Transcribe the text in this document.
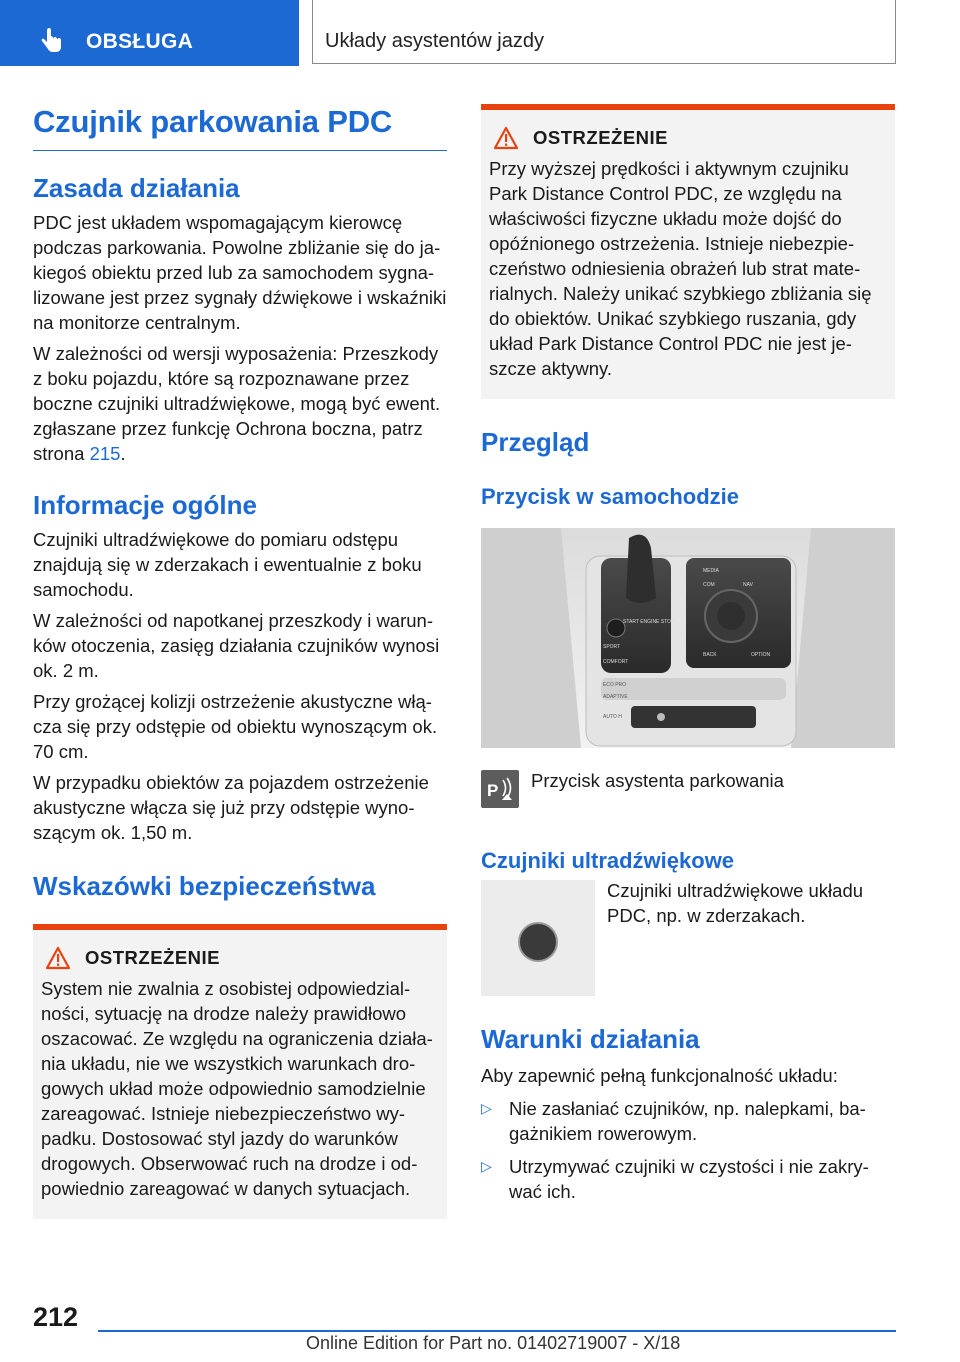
OBSŁUGA	Układy asystentów jazdy
Czujnik parkowania PDC
Zasada działania

PDC jest układem wspomagającym kierowcę podczas parkowania. Powolne zbliżanie się do jakiegoś obiektu przed lub za samochodem sygnalizowane jest przez sygnały dźwiękowe i wskaźniki na monitorze centralnym.

W zależności od wersji wyposażenia: Przeszkody z boku pojazdu, które są rozpoznawane przez boczne czujniki ultradźwiękowe, mogą być ewent. zgłaszane przez funkcję Ochrona boczna, patrz strona 215.

Informacje ogólne

Czujniki ultradźwiękowe do pomiaru odstępu znajdują się w zderzakach i ewentualnie z boku samochodu.

W zależności od napotkanej przeszkody i warunków otoczenia, zasięg działania czujników wynosi ok. 2 m.

Przy grożącej kolizji ostrzeżenie akustyczne włącza się przy odstępie od obiektu wynoszącym ok. 70 cm.

W przypadku obiektów za pojazdem ostrzeżenie akustyczne włącza się już przy odstępie wynoszącym ok. 1,50 m.

Wskazówki bezpieczeństwa
OSTRZEŻENIE

System nie zwalnia z osobistej odpowiedzialności, sytuację na drodze należy prawidłowo oszacować. Ze względu na ograniczenia działania układu, nie we wszystkich warunkach drogowych układ może odpowiednio samodzielnie zareagować. Istnieje niebezpieczeństwo wypadku. Dostosować styl jazdy do warunków drogowych. Obserwować ruch na drodze i odpowiednio zareagować w danych sytuacjach.

OSTRZEŻENIE

Przy wyższej prędkości i aktywnym czujniku Park Distance Control PDC, ze względu na właściwości fizyczne układu może dojść do opóźnionego ostrzeżenia. Istnieje niebezpieczeństwo odniesienia obrażeń lub strat materialnych. Należy unikać szybkiego zbliżania się do obiektów. Unikać szybkiego ruszania, gdy układ Park Distance Control PDC nie jest jeszcze aktywny.

Przegląd
Przycisk w samochodzie
START ENGINE STOP
SPORT
COMFORT
ECO PRO
ADAPTIVE
AUTO H
MEDIA
COM	NAV
BACK	OPTION
P Przycisk asystenta parkowania

Czujniki ultradźwiękowe

Czujniki ultradźwiękowe układu PDC, np. w zderzakach.

Warunki działania

Aby zapewnić pełną funkcjonalność układu:

▷ Nie zasłaniać czujników, np. nalepkami, bagażnikiem rowerowym.

▷ Utrzymywać czujniki w czystości i nie zakrywać ich.

212
Online Edition for Part no. 01402719007 - X/18
